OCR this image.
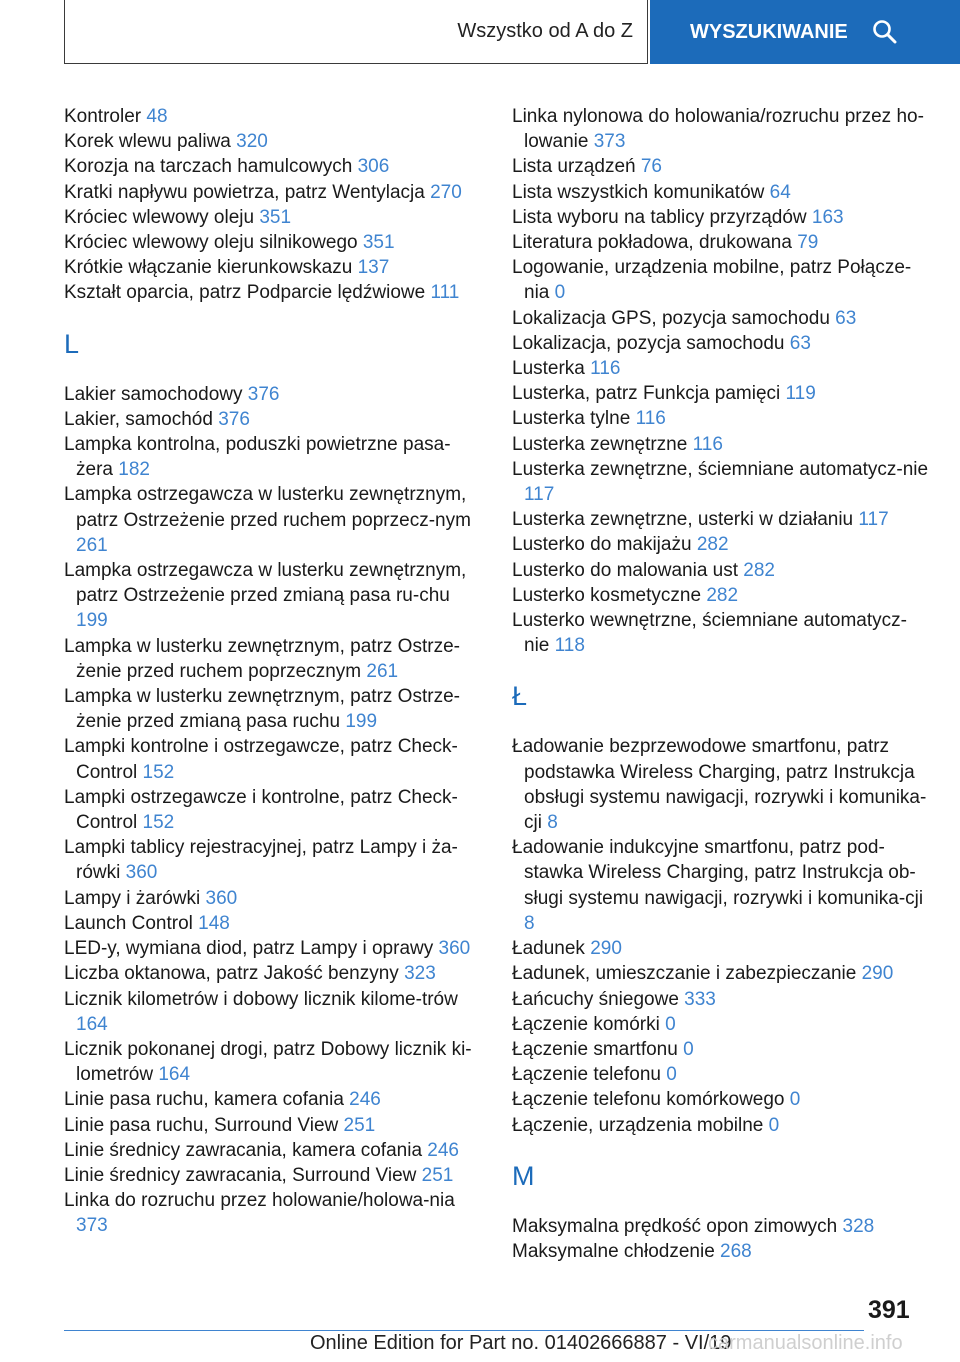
Wszystko od A do Z	WYSZUKIWANIE

Kontroler 48

Korek wlewu paliwa 320

Korozja na tarczach hamulcowych 306

Kratki napływu powietrza, patrz Wentylacja 270

Króciec wlewowy oleju 351

Króciec wlewowy oleju silnikowego 351

Krótkie włączanie kierunkowskazu 137

Kształt oparcia, patrz Podparcie lędźwiowe 111

L

Lakier samochodowy 376

Lakier, samochód 376

Lampka kontrolna, poduszki powietrzne pasa‐żera 182

Lampka ostrzegawcza w lusterku zewnętrznym, patrz Ostrzeżenie przed ruchem poprzecz‐nym 261

Lampka ostrzegawcza w lusterku zewnętrznym, patrz Ostrzeżenie przed zmianą pasa ru‐chu 199

Lampka w lusterku zewnętrznym, patrz Ostrze‐żenie przed ruchem poprzecznym 261

Lampka w lusterku zewnętrznym, patrz Ostrze‐żenie przed zmianą pasa ruchu 199

Lampki kontrolne i ostrzegawcze, patrz Check-Control 152

Lampki ostrzegawcze i kontrolne, patrz Check-Control 152

Lampki tablicy rejestracyjnej, patrz Lampy i ża‐rówki 360

Lampy i żarówki 360

Launch Control 148

LED-y, wymiana diod, patrz Lampy i oprawy 360

Liczba oktanowa, patrz Jakość benzyny 323

Licznik kilometrów i dobowy licznik kilome‐trów 164

Licznik pokonanej drogi, patrz Dobowy licznik ki‐lometrów 164

Linie pasa ruchu, kamera cofania 246

Linie pasa ruchu, Surround View 251

Linie średnicy zawracania, kamera cofania 246

Linie średnicy zawracania, Surround View 251

Linka do rozruchu przez holowanie/holowa‐nia 373

Linka nylonowa do holowania/rozruchu przez ho‐lowanie 373

Lista urządzeń 76

Lista wszystkich komunikatów 64

Lista wyboru na tablicy przyrządów 163

Literatura pokładowa, drukowana 79

Logowanie, urządzenia mobilne, patrz Połącze‐nia 0

Lokalizacja GPS, pozycja samochodu 63

Lokalizacja, pozycja samochodu 63

Lusterka 116

Lusterka, patrz Funkcja pamięci 119

Lusterka tylne 116

Lusterka zewnętrzne 116

Lusterka zewnętrzne, ściemniane automatycz‐nie 117

Lusterka zewnętrzne, usterki w działaniu 117

Lusterko do makijażu 282

Lusterko do malowania ust 282

Lusterko kosmetyczne 282

Lusterko wewnętrzne, ściemniane automatycz‐nie 118

Ł

Ładowanie bezprzewodowe smartfonu, patrz podstawka Wireless Charging, patrz Instrukcja obsługi systemu nawigacji, rozrywki i komunika‐cji 8

Ładowanie indukcyjne smartfonu, patrz pod‐stawka Wireless Charging, patrz Instrukcja ob‐sługi systemu nawigacji, rozrywki i komunika‐cji 8

Ładunek 290

Ładunek, umieszczanie i zabezpieczanie 290

Łańcuchy śniegowe 333

Łączenie komórki 0

Łączenie smartfonu 0

Łączenie telefonu 0

Łączenie telefonu komórkowego 0

Łączenie, urządzenia mobilne 0

M

Maksymalna prędkość opon zimowych 328

Maksymalne chłodzenie 268

391
Online Edition for Part no. 01402666887 - VI/19
carmanualsonline.info
